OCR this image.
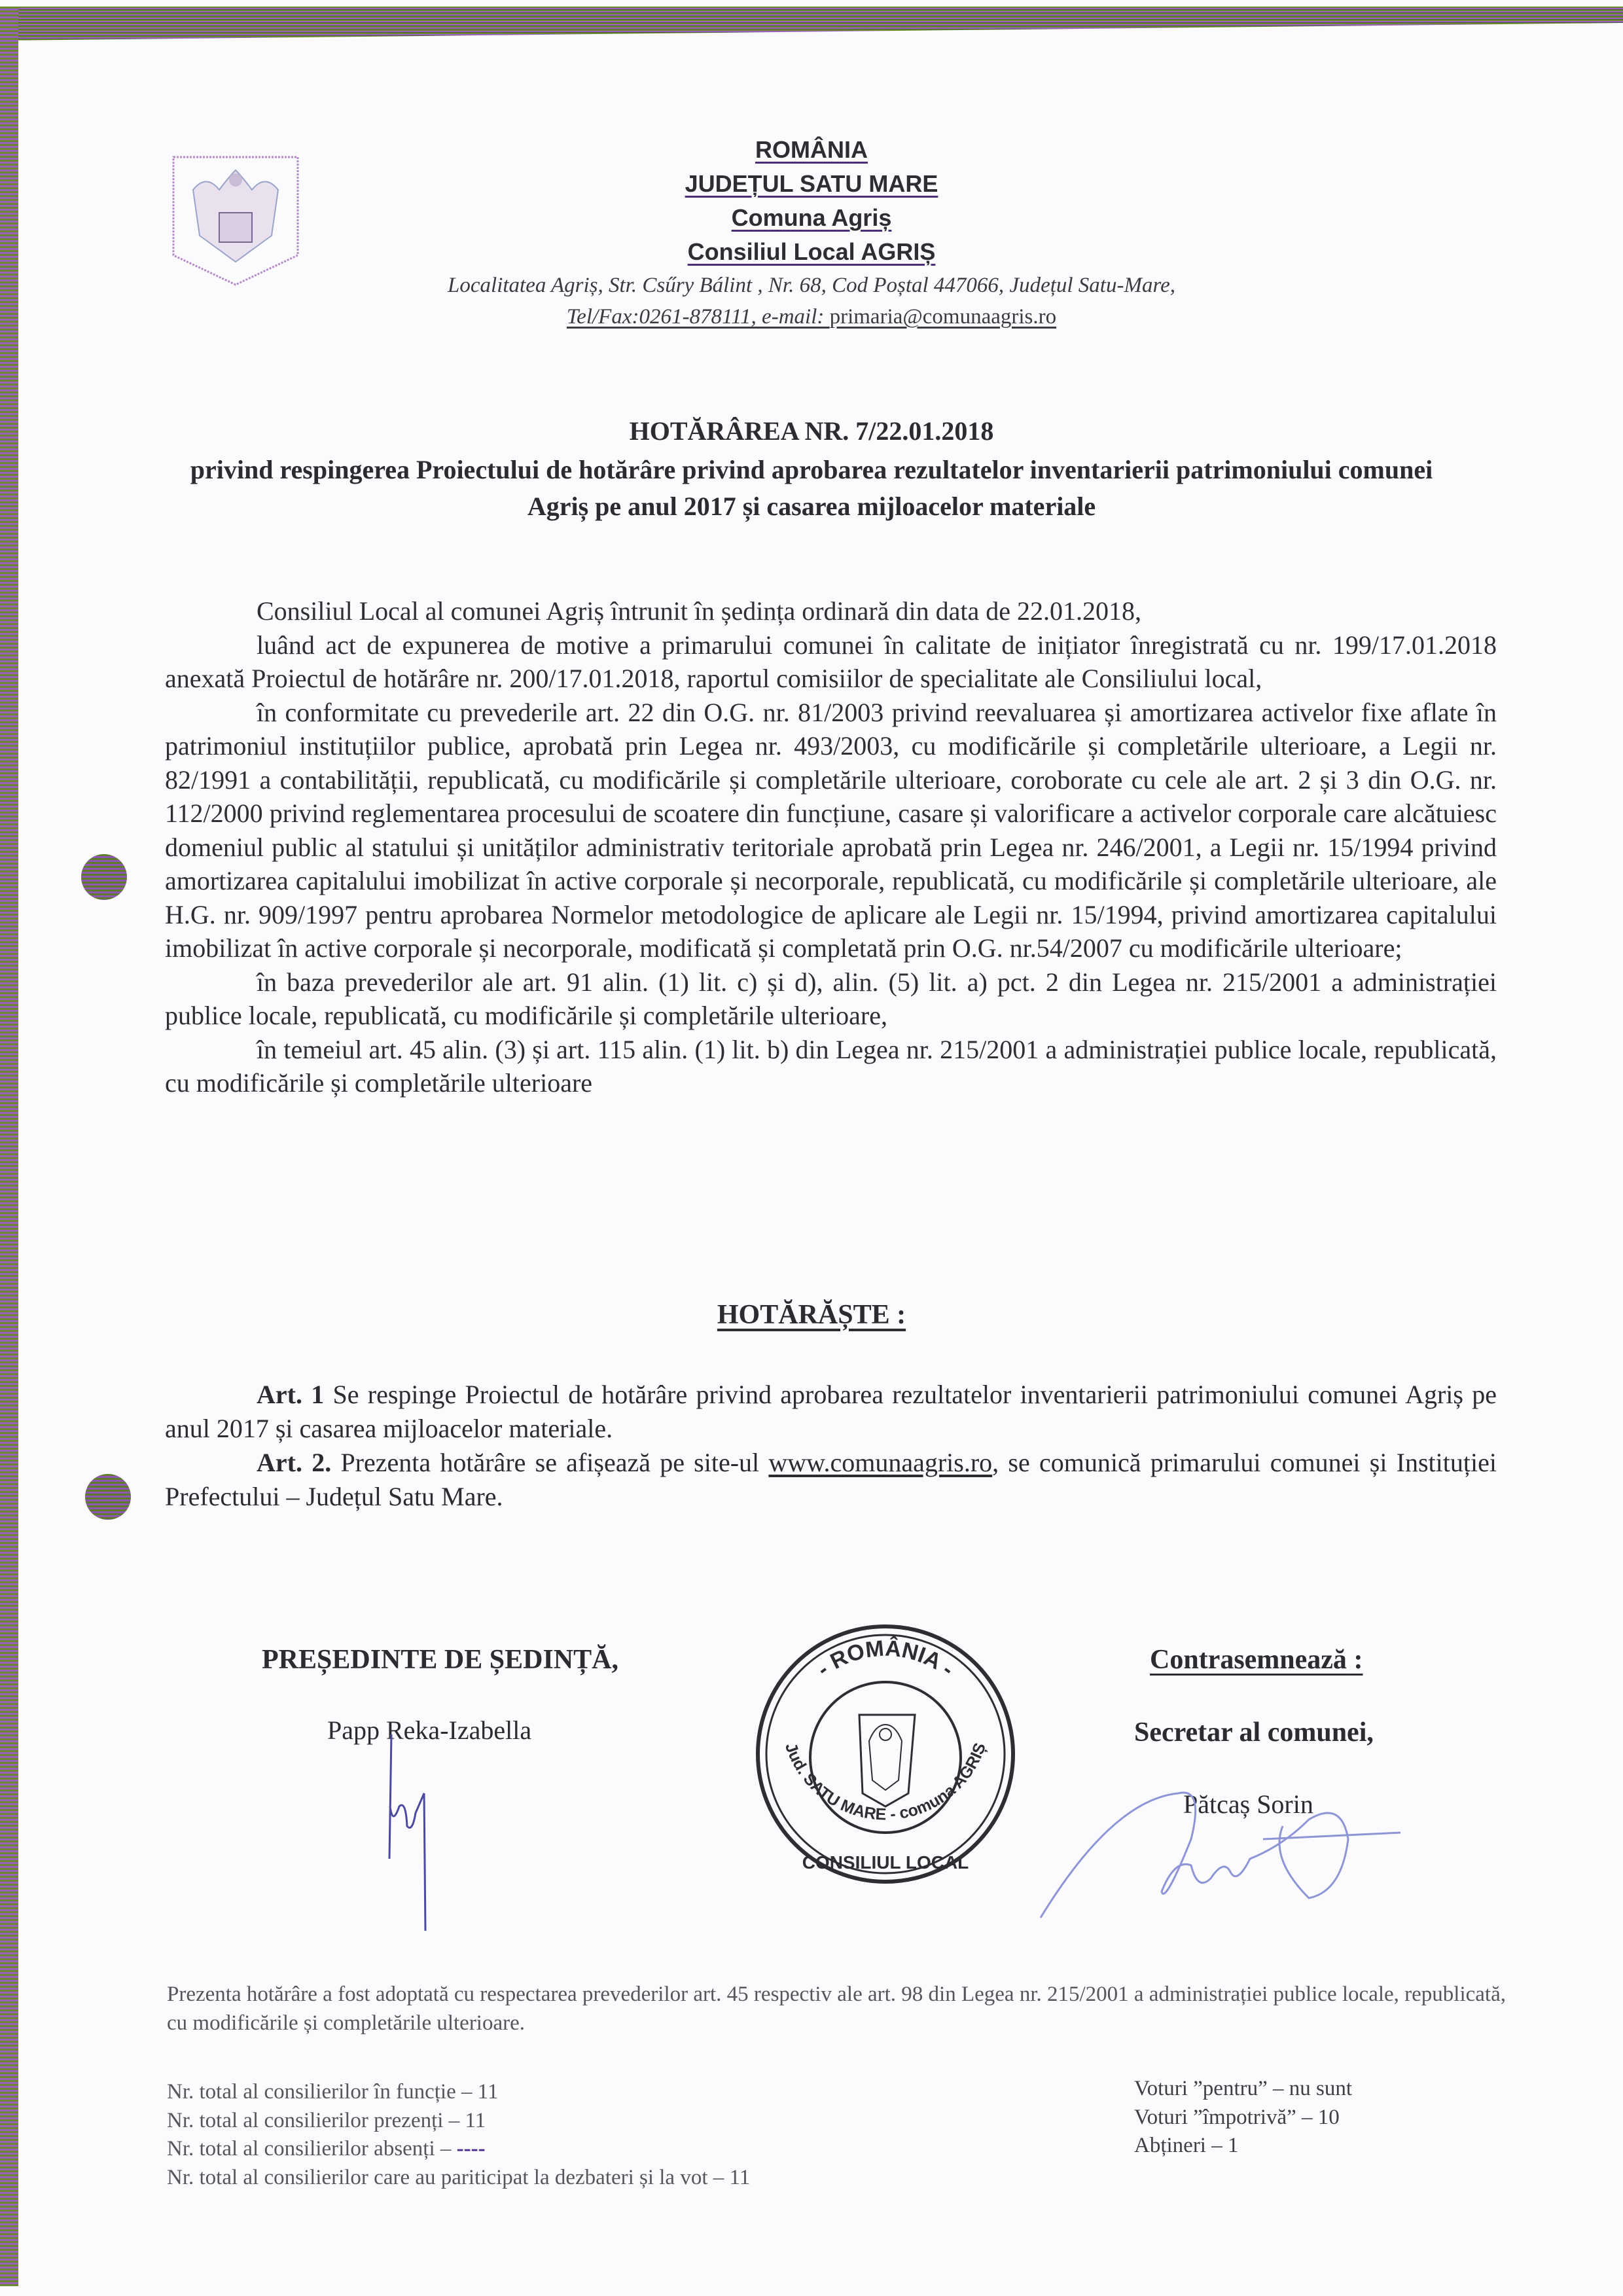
ROMÂNIA
JUDEȚUL SATU MARE
Comuna Agriș
Consiliul Local AGRIȘ
Localitatea Agriș, Str. Csűry Bálint , Nr. 68, Cod Poștal 447066, Județul Satu-Mare,
Tel/Fax:0261-878111, e-mail: primaria@comunaagris.ro
HOTĂRÂREA NR. 7/22.01.2018
privind respingerea Proiectului de hotărâre privind aprobarea rezultatelor inventarierii patrimoniului comunei Agriș pe anul 2017 și casarea mijloacelor materiale

Consiliul Local al comunei Agriș întrunit în ședința ordinară din data de 22.01.2018,

luând act de expunerea de motive a primarului comunei în calitate de inițiator înregistrată cu nr. 199/17.01.2018 anexată Proiectul de hotărâre nr. 200/17.01.2018, raportul comisiilor de specialitate ale Consiliului local,

în conformitate cu prevederile art. 22 din O.G. nr. 81/2003 privind reevaluarea și amortizarea activelor fixe aflate în patrimoniul instituțiilor publice, aprobată prin Legea nr. 493/2003, cu modificările și completările ulterioare, a Legii nr. 82/1991 a contabilității, republicată, cu modificările și completările ulterioare, coroborate cu cele ale art. 2 și 3 din O.G. nr. 112/2000 privind reglementarea procesului de scoatere din funcțiune, casare și valorificare a activelor corporale care alcătuiesc domeniul public al statului și unităților administrativ teritoriale aprobată prin Legea nr. 246/2001, a Legii nr. 15/1994 privind amortizarea capitalului imobilizat în active corporale și necorporale, republicată, cu modificările și completările ulterioare, ale H.G. nr. 909/1997 pentru aprobarea Normelor metodologice de aplicare ale Legii nr. 15/1994, privind amortizarea capitalului imobilizat în active corporale și necorporale, modificată și completată prin O.G. nr.54/2007 cu modificările ulterioare;

în baza prevederilor ale art. 91 alin. (1) lit. c) și d), alin. (5) lit. a) pct. 2 din Legea nr. 215/2001 a administrației publice locale, republicată, cu modificările și completările ulterioare,

în temeiul art. 45 alin. (3) și art. 115 alin. (1) lit. b) din Legea nr. 215/2001 a administrației publice locale, republicată, cu modificările și completările ulterioare

HOTĂRĂȘTE :

Art. 1 Se respinge Proiectul de hotărâre privind aprobarea rezultatelor inventarierii patrimoniului comunei Agriș pe anul 2017 și casarea mijloacelor materiale.

Art. 2. Prezenta hotărâre se afișează pe site-ul www.comunaagris.ro, se comunică primarului comunei și Instituției Prefectului – Județul Satu Mare.

PREȘEDINTE DE ȘEDINȚĂ,
Papp Reka-Izabella
- ROMÂNIA -
Jud. SATU MARE - comuna AGRIȘ
CONSILIUL LOCAL
Contrasemnează :
Secretar al comunei,
Pătcaș Sorin
Prezenta hotărâre a fost adoptată cu respectarea prevederilor art. 45 respectiv ale art. 98 din Legea nr. 215/2001 a administrației publice locale, republicată, cu modificările și completările ulterioare.
Nr. total al consilierilor în funcție – 11
Nr. total al consilierilor prezenți – 11
Nr. total al consilierilor absenți – ----
Nr. total al consilierilor care au pariticipat la dezbateri și la vot – 11
Voturi ”pentru” – nu sunt
Voturi ”împotrivă” – 10
Abțineri – 1
